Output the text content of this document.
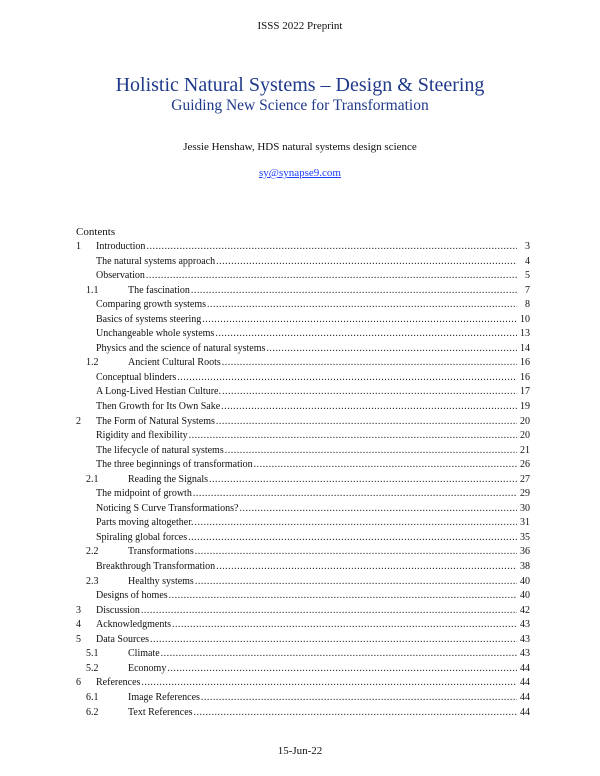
ISSS 2022 Preprint
Holistic Natural Systems – Design & Steering
Guiding New Science for Transformation
Jessie Henshaw, HDS natural systems design science
sy@synapse9.com
Contents
1	Introduction .....	3
The natural systems approach .....	4
Observation .....	5
1.1	The fascination .....	7
Comparing growth systems .....	8
Basics of systems steering .....	10
Unchangeable whole systems .....	13
Physics and the science of natural systems .....	14
1.2	Ancient Cultural Roots .....	16
Conceptual blinders .....	16
A Long-Lived Hestian Culture. .....	17
Then Growth for Its Own Sake .....	19
2	The Form of Natural Systems .....	20
Rigidity and flexibility .....	20
The lifecycle of natural systems .....	21
The three beginnings of transformation .....	26
2.1	Reading the Signals .....	27
The midpoint of growth .....	29
Noticing S Curve Transformations? .....	30
Parts moving altogether. .....	31
Spiraling global forces .....	35
2.2	Transformations .....	36
Breakthrough Transformation .....	38
2.3	Healthy systems .....	40
Designs of homes .....	40
3	Discussion .....	42
4	Acknowledgments .....	43
5	Data Sources .....	43
5.1	Climate .....	43
5.2	Economy .....	44
6	References .....	44
6.1	Image References .....	44
6.2	Text References .....	44
15-Jun-22
